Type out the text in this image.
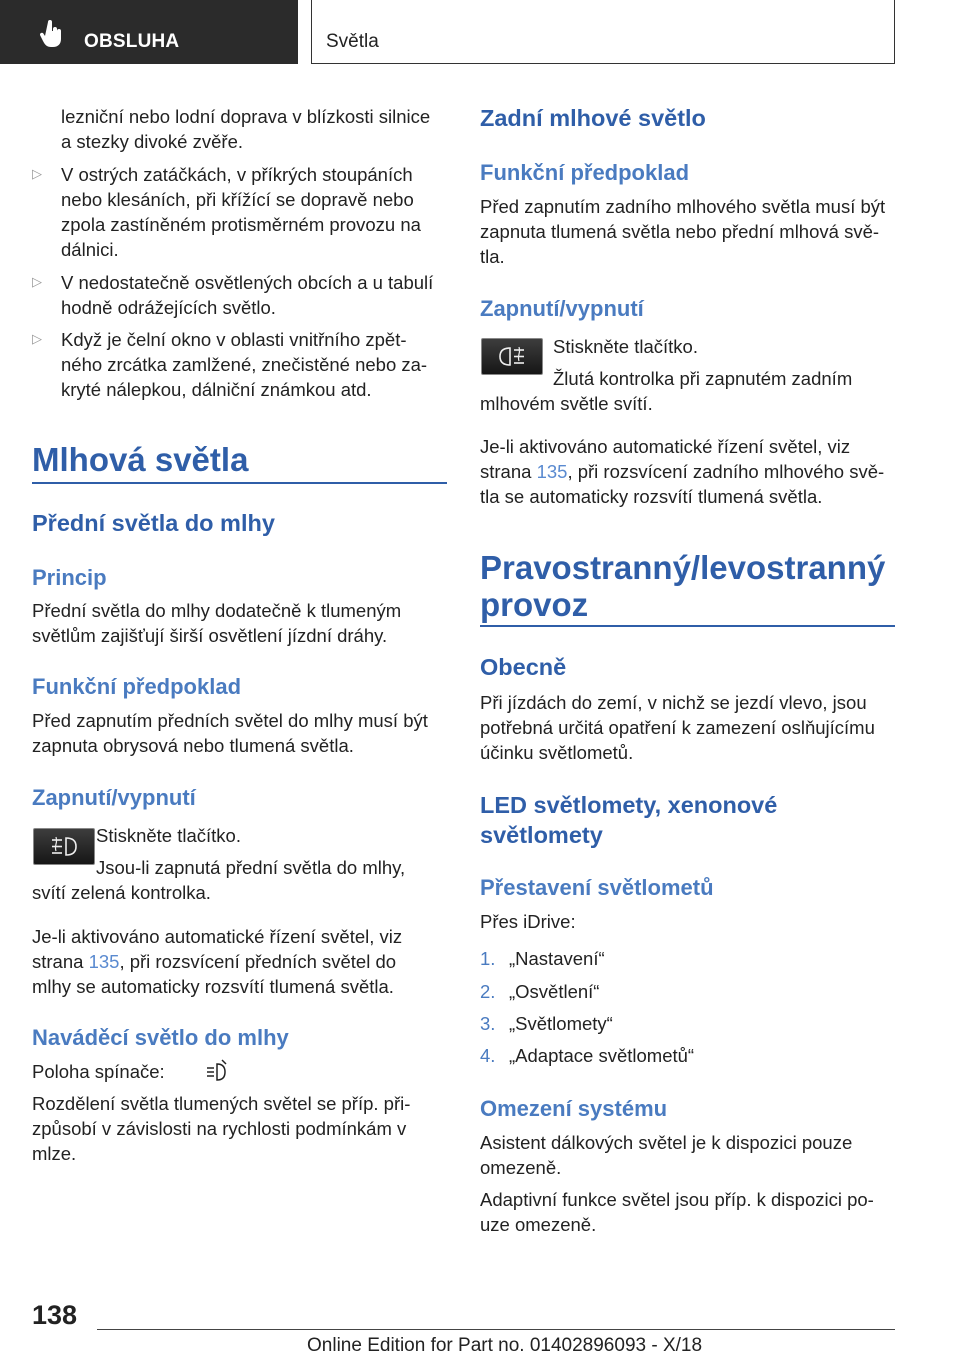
OBSLUHA	Světla

lezniční nebo lodní doprava v blízkosti silnice

a stezky divoké zvěře.

▷ V ostrých zatáčkách, v příkrých stoupáních

nebo klesáních, při křížící se dopravě nebo

zpola zastíněném protisměrném provozu na

dálnici.

▷ V nedostatečně osvětlených obcích a u tabulí

hodně odrážejících světlo.

▷ Když je čelní okno v oblasti vnitřního zpět-

ného zrcátka zamlžené, znečistěné nebo za-

kryté nálepkou, dálniční známkou atd.

Mlhová světla
Přední světla do mlhy
Princip

Přední světla do mlhy dodatečně k tlumeným

světlům zajišťují širší osvětlení jízdní dráhy.

Funkční předpoklad

Před zapnutím předních světel do mlhy musí být

zapnuta obrysová nebo tlumená světla.

Zapnutí/vypnutí

Stiskněte tlačítko.

Jsou-li zapnutá přední světla do mlhy,

svítí zelená kontrolka.

Je-li aktivováno automatické řízení světel, viz

strana 135, při rozsvícení předních světel do

mlhy se automaticky rozsvítí tlumená světla.

Naváděcí světlo do mlhy

Poloha spínače:

Rozdělení světla tlumených světel se příp. při-

způsobí v závislosti na rychlosti podmínkám v

mlze.

Zadní mlhové světlo
Funkční předpoklad

Před zapnutím zadního mlhového světla musí být

zapnuta tlumená světla nebo přední mlhová svě-

tla.

Zapnutí/vypnutí

Stiskněte tlačítko.

Žlutá kontrolka při zapnutém zadním

mlhovém světle svítí.

Je-li aktivováno automatické řízení světel, viz

strana 135, při rozsvícení zadního mlhového svě-

tla se automaticky rozsvítí tlumená světla.

Pravostranný/levostranný
provoz
Obecně

Při jízdách do zemí, v nichž se jezdí vlevo, jsou

potřebná určitá opatření k zamezení oslňujícímu

účinku světlometů.

LED světlomety, xenonové
světlomety
Přestavení světlometů

Přes iDrive:

1. „Nastavení“
2. „Osvětlení“
3. „Světlomety“
4. „Adaptace světlometů“
Omezení systému

Asistent dálkových světel je k dispozici pouze

omezeně.

Adaptivní funkce světel jsou příp. k dispozici po-

uze omezeně.

138
Online Edition for Part no. 01402896093 - X/18
